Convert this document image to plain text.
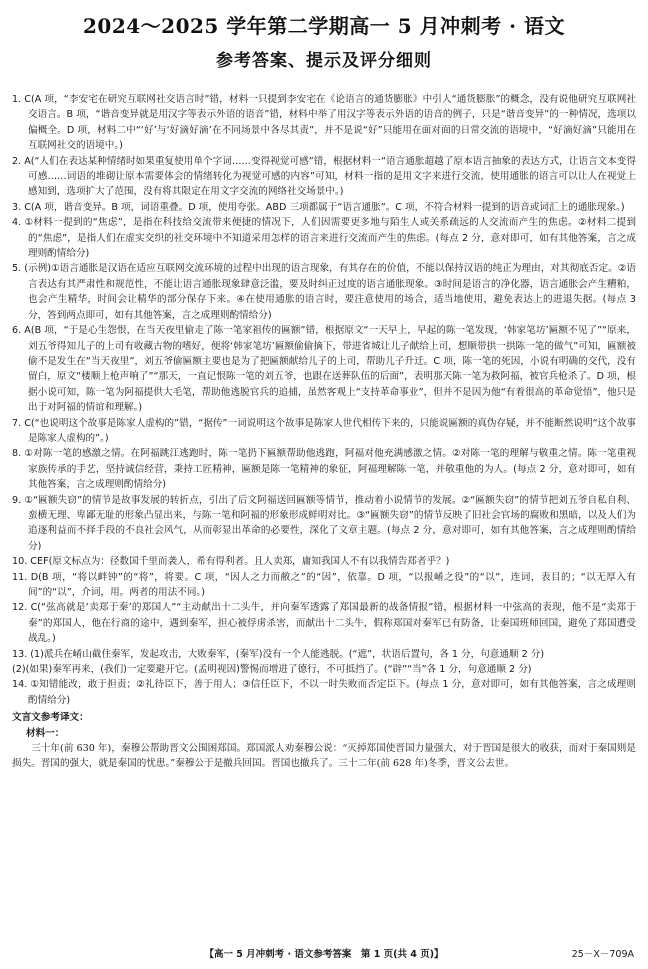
2024～2025 学年第二学期高一 5 月冲刺考 · 语文
参考答案、提示及评分细则

1. C(A 项，“李安宅在研究互联网社交语言时”错，材料一只提到李安宅在《论语言的通货膨胀》中引人“通货膨胀”的概念，没有说他研究互联网社交语言。B 项，“谐音变异就是用汉字等表示外语的语音”错，材料中举了用汉字等表示外语的语音的例子，只是“谐音变异”的一种情况，选项以偏概全。D 项，材料二中“‘好’与‘好滴好滴’在不同场景中各尽其责”，并不是说“好”只能用在面对面的日常交流的语境中，“好滴好滴”只能用在互联网社交的语境中。)

2. A(“人们在表达某种情绪时如果重复使用单个字词……变得视觉可感”错，根据材料一“语言通胀超越了原本语言抽象的表达方式，让语言文本变得可感……词语的堆砌让原本需要体会的情绪转化为视觉可感的内容”可知，材料一指的是用文字来进行交流，使用通胀的语言可以让人在视觉上感知到，选项扩大了范围，没有将其限定在用文字交流的网络社交场景中。)

3. C(A 项，谐音变异。B 项，词语重叠。D 项，使用夸张。ABD 三项都属于“语言通胀”。C 项，不符合材料一提到的语音或词汇上的通胀现象。)

4. ①材料一提到的“焦虑”，是指在科技给交流带来便捷的情况下，人们因需要更多地与陌生人或关系疏远的人交流而产生的焦虑。②材料二提到的“焦虑”，是指人们在虚实交织的社交环境中不知道采用怎样的语言来进行交流而产生的焦虑。(每点 2 分，意对即可，如有其他答案，言之成理则酌情给分)

5. (示例)①语言通胀是汉语在适应互联网交流环境的过程中出现的语言现象，有其存在的价值，不能以保持汉语的纯正为理由，对其彻底否定。②语言表达有其严肃性和规范性，不能让语言通胀现象肆意泛滥，要及时纠正过度的语言通胀现象。③时间是语言的净化器，语言通胀会产生糟粕，也会产生精华，时间会让精华的部分保存下来。④在使用通胀的语言时，要注意使用的场合，适当地使用，避免表达上的进退失据。(每点 3 分，答到两点即可，如有其他答案，言之成理则酌情给分)

6. A(B 项，“于是心生怨恨，在当天夜里偷走了陈一笔家祖传的匾额”错，根据原文“一天早上，早起的陈一笔发现，‘韩家笔坊’匾额不见了”“原来，刘五爷得知儿子的上司有收藏古物的嗜好，便将‘韩家笔坊’匾额偷偷摘下，带进省城让儿子献给上司，想顺带拱一拱陈一笔的做气”可知，匾额被偷不是发生在“当天夜里”，刘五爷偷匾额主要也是为了把匾额献给儿子的上司，帮助儿子升迁。C 项，陈一笔的死因，小说有明确的交代，没有留白，原文“楼顺上枪声响了”“那天，一直记恨陈一笔的刘五爷，也跟在送葬队伍的后面”，表明那天陈一笔为救阿福，被官兵枪杀了。D 项，根据小说可知，陈一笔为阿福提供大毛笔，帮助他逃脱官兵的追捕，虽然客观上“支持革命事业”，但并不是因为他“有着很高的革命觉悟”，他只是出于对阿福的情谊和理解。)

7. C(“也说明这个故事是陈家人虚构的”错，“据传”一词说明这个故事是陈家人世代相传下来的，只能说匾额的真伪存疑，并不能断然说明“这个故事是陈家人虚构的”。)

8. ①对陈一笔的感激之情。在阿福跳江逃跑时，陈一笔扔下匾额帮助他逃跑，阿福对他充满感激之情。②对陈一笔的理解与敬重之情。陈一笔重视家族传承的手艺，坚持诚信经营，秉持工匠精神，匾额是陈一笔精神的象征，阿福理解陈一笔，并敬重他的为人。(每点 2 分，意对即可，如有其他答案，言之成理则酌情给分)

9. ①“匾额失窃”的情节是故事发展的转折点，引出了后文阿福送回匾额等情节，推动着小说情节的发展。②“匾额失窃”的情节把刘五爷自私自利、蛮横无理、卑鄙无耻的形象凸显出来，与陈一笔和阿福的形象形成鲜明对比。③“匾额失窃”的情节反映了旧社会官场的腐败和黑暗，以及人们为追逐利益而不择手段的不良社会风气，从而彰显出革命的必要性，深化了文章主题。(每点 2 分，意对即可，如有其他答案，言之成理则酌情给分)

10. CEF(原文标点为：径数国千里而袭人，希有得利者。且人卖郑，庸知我国人不有以我情告郑者乎？)

11. D(B 项，“将以衅钟”的“将”，将要。C 项，“因人之力而敝之”的“因”，依靠。D 项，“以报崤之役”的“以”，连词，表目的；“以无厚入有间”的“以”，介词，用。两者的用法不同。)

12. C(“弦高就是‘卖郑于秦’的郑国人”“主动献出十二头牛，并向秦军透露了郑国最新的战备情报”错，根据材料一中弦高的表现，他不是“卖郑于秦”的郑国人，他在行商的途中，遇到秦军，担心被俘虏杀害，而献出十二头牛，假称郑国对秦军已有防备，让秦国班师回国，避免了郑国遭受战乱。)

13. (1)派兵在崤山截住秦军，发起攻击，大败秦军，(秦军)没有一个人能逃脱。(“遮”，状语后置句，各 1 分，句意通顺 2 分)

(2)(如果)秦军再来，(我们)一定要避开它。(孟明视因)警惕而增进了德行，不可抵挡了。(“辟”“当”各 1 分，句意通顺 2 分)

14. ①知错能改，敢于担责；②礼待臣下，善于用人；③信任臣下，不以一时失败而否定臣下。(每点 1 分，意对即可，如有其他答案，言之成理则酌情给分)

文言文参考译文：

材料一：

三十年(前 630 年)，秦穆公帮助晋文公围困郑国。郑国派人劝秦穆公说：“灭掉郑国使晋国力量强大，对于晋国是很大的收获，而对于秦国则是损失。晋国的强大，就是秦国的忧患。”秦穆公于是撤兵回国。晋国也撤兵了。三十二年(前 628 年)冬季，晋文公去世。

【高一 5 月冲刺考 · 语文参考答案　第 1 页(共 4 页)】	25－X－709A
